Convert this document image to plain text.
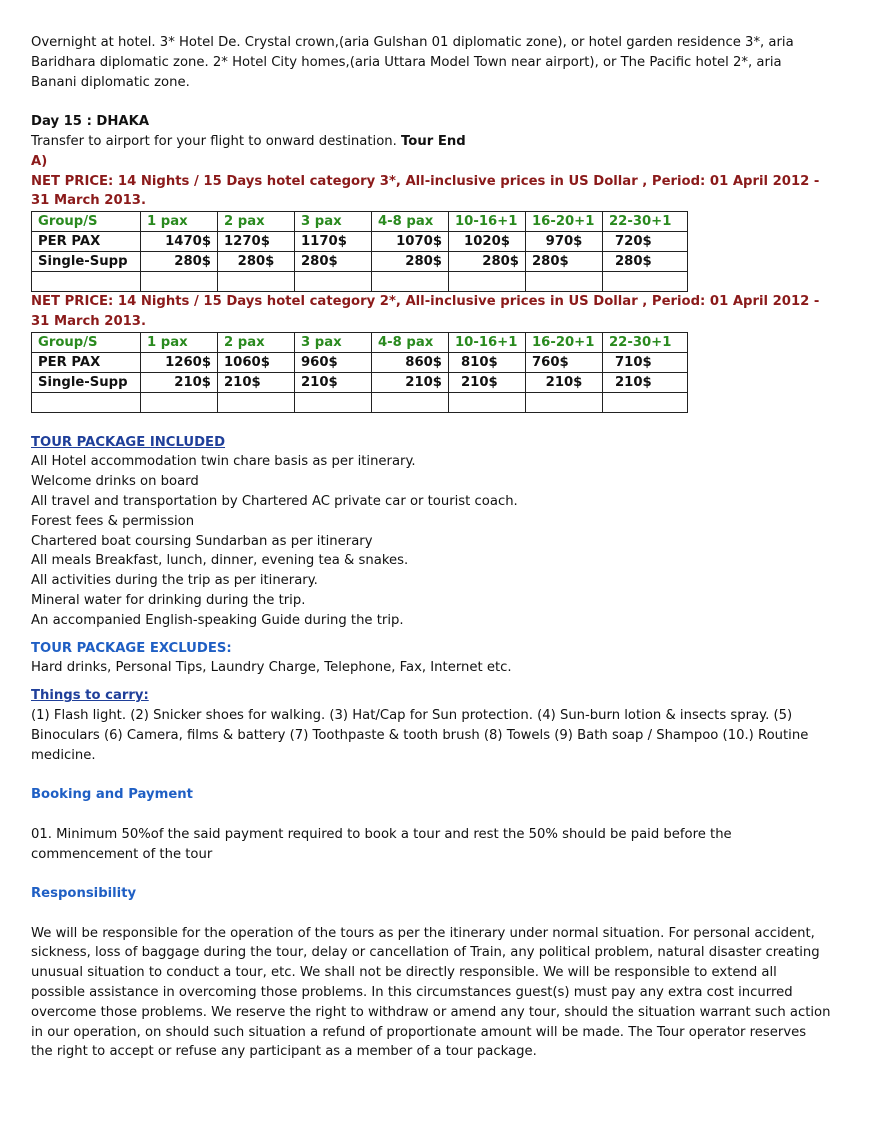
Overnight at hotel. 3* Hotel De. Crystal crown,(aria Gulshan 01 diplomatic zone), or hotel garden residence 3*, aria

Baridhara diplomatic zone. 2* Hotel City homes,(aria Uttara Model Town near airport), or The Pacific hotel 2*, aria

Banani diplomatic zone.

Day 15 : DHAKA

Transfer to airport for your flight to onward destination. Tour End

A)

NET PRICE: 14 Nights / 15 Days hotel category 3*, All-inclusive prices in US Dollar , Period: 01 April 2012 -

31 March 2013.

Group/S	1 pax	2 pax	3 pax	4-8 pax	10-16+1	16-20+1	22-30+1
PER PAX	1470$	1270$	1170$	1070$	1020$	970$	720$
Single-Supp	280$	280$	280$	280$	280$	280$	280$

NET PRICE: 14 Nights / 15 Days hotel category 2*, All-inclusive prices in US Dollar , Period: 01 April 2012 -

31 March 2013.

Group/S	1 pax	2 pax	3 pax	4-8 pax	10-16+1	16-20+1	22-30+1
PER PAX	1260$	1060$	960$	860$	810$	760$	710$
Single-Supp	210$	210$	210$	210$	210$	210$	210$

TOUR PACKAGE INCLUDED

All Hotel accommodation twin chare basis as per itinerary.

Welcome drinks on board

All travel and transportation by Chartered AC private car or tourist coach.

Forest fees & permission

Chartered boat coursing Sundarban as per itinerary

All meals Breakfast, lunch, dinner, evening tea & snakes.

All activities during the trip as per itinerary.

Mineral water for drinking during the trip.

An accompanied English-speaking Guide during the trip.

TOUR PACKAGE EXCLUDES:

Hard drinks, Personal Tips, Laundry Charge, Telephone, Fax, Internet etc.

Things to carry:

(1) Flash light. (2) Snicker shoes for walking. (3) Hat/Cap for Sun protection. (4) Sun-burn lotion & insects spray. (5)

Binoculars (6) Camera, films & battery (7) Toothpaste & tooth brush (8) Towels (9) Bath soap / Shampoo (10.) Routine

medicine.

Booking and Payment

01. Minimum 50%of the said payment required to book a tour and rest the 50% should be paid before the

commencement of the tour

Responsibility

We will be responsible for the operation of the tours as per the itinerary under normal situation. For personal accident,

sickness, loss of baggage during the tour, delay or cancellation of Train, any political problem, natural disaster creating

unusual situation to conduct a tour, etc. We shall not be directly responsible. We will be responsible to extend all

possible assistance in overcoming those problems. In this circumstances guest(s) must pay any extra cost incurred

overcome those problems. We reserve the right to withdraw or amend any tour, should the situation warrant such action

in our operation, on should such situation a refund of proportionate amount will be made. The Tour operator reserves

the right to accept or refuse any participant as a member of a tour package.
